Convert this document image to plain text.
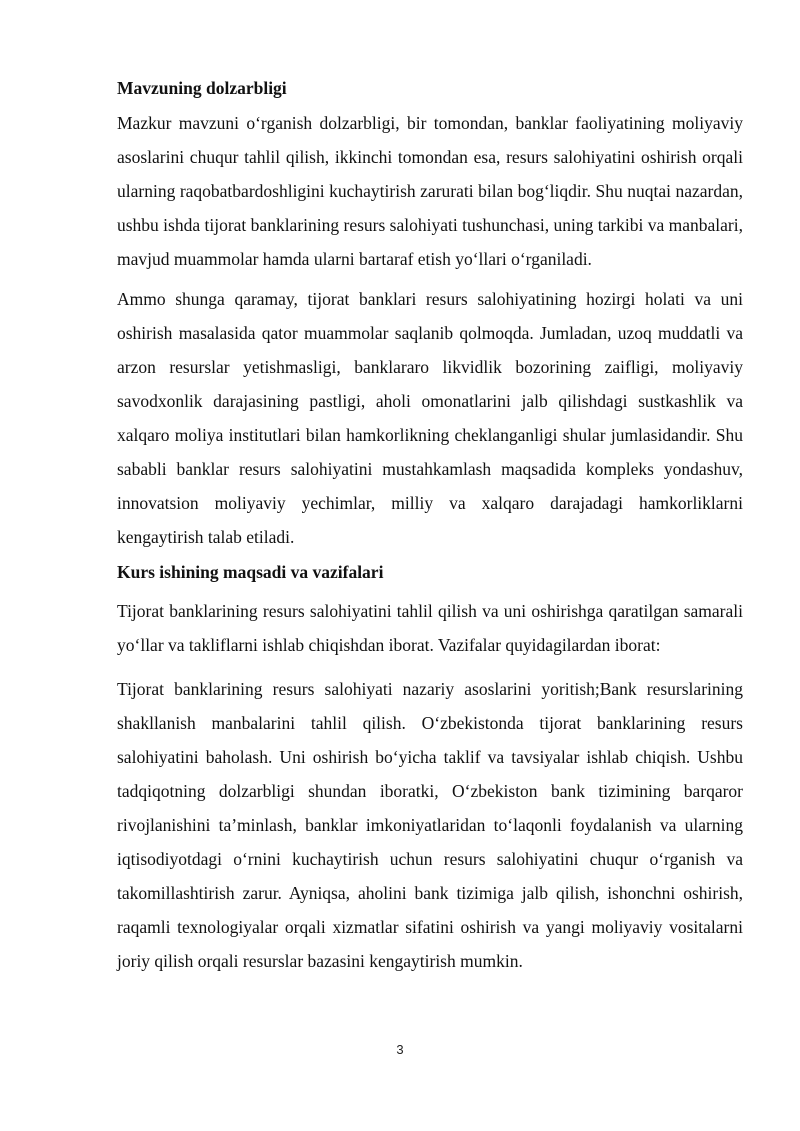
Mavzuning dolzarbligi

Mazkur mavzuni o‘rganish dolzarbligi, bir tomondan, banklar faoliyatining moliyaviy asoslarini chuqur tahlil qilish, ikkinchi tomondan esa, resurs salohiyatini oshirish orqali ularning raqobatbardoshligini kuchaytirish zarurati bilan bog‘liqdir. Shu nuqtai nazardan, ushbu ishda tijorat banklarining resurs salohiyati tushunchasi, uning tarkibi va manbalari, mavjud muammolar hamda ularni bartaraf etish yo‘llari o‘rganiladi.

Ammo shunga qaramay, tijorat banklari resurs salohiyatining hozirgi holati va uni oshirish masalasida qator muammolar saqlanib qolmoqda. Jumladan, uzoq muddatli va arzon resurslar yetishmasligi, banklararo likvidlik bozorining zaifligi, moliyaviy savodxonlik darajasining pastligi, aholi omonatlarini jalb qilishdagi sustkashlik va xalqaro moliya institutlari bilan hamkorlikning cheklanganligi shular jumlasidandir. Shu sababli banklar resurs salohiyatini mustahkamlash maqsadida kompleks yondashuv, innovatsion moliyaviy yechimlar, milliy va xalqaro darajadagi hamkorliklarni kengaytirish talab etiladi.

Kurs ishining maqsadi va vazifalari

Tijorat banklarining resurs salohiyatini tahlil qilish va uni oshirishga qaratilgan samarali yo‘llar va takliflarni ishlab chiqishdan iborat. Vazifalar quyidagilardan iborat:

Tijorat banklarining resurs salohiyati nazariy asoslarini yoritish;Bank resurslarining shakllanish manbalarini tahlil qilish. O‘zbekistonda tijorat banklarining resurs salohiyatini baholash. Uni oshirish bo‘yicha taklif va tavsiyalar ishlab chiqish. Ushbu tadqiqotning dolzarbligi shundan iboratki, O‘zbekiston bank tizimining barqaror rivojlanishini ta’minlash, banklar imkoniyatlaridan to‘laqonli foydalanish va ularning iqtisodiyotdagi o‘rnini kuchaytirish uchun resurs salohiyatini chuqur o‘rganish va takomillashtirish zarur. Ayniqsa, aholini bank tizimiga jalb qilish, ishonchni oshirish, raqamli texnologiyalar orqali xizmatlar sifatini oshirish va yangi moliyaviy vositalarni joriy qilish orqali resurslar bazasini kengaytirish mumkin.

3
